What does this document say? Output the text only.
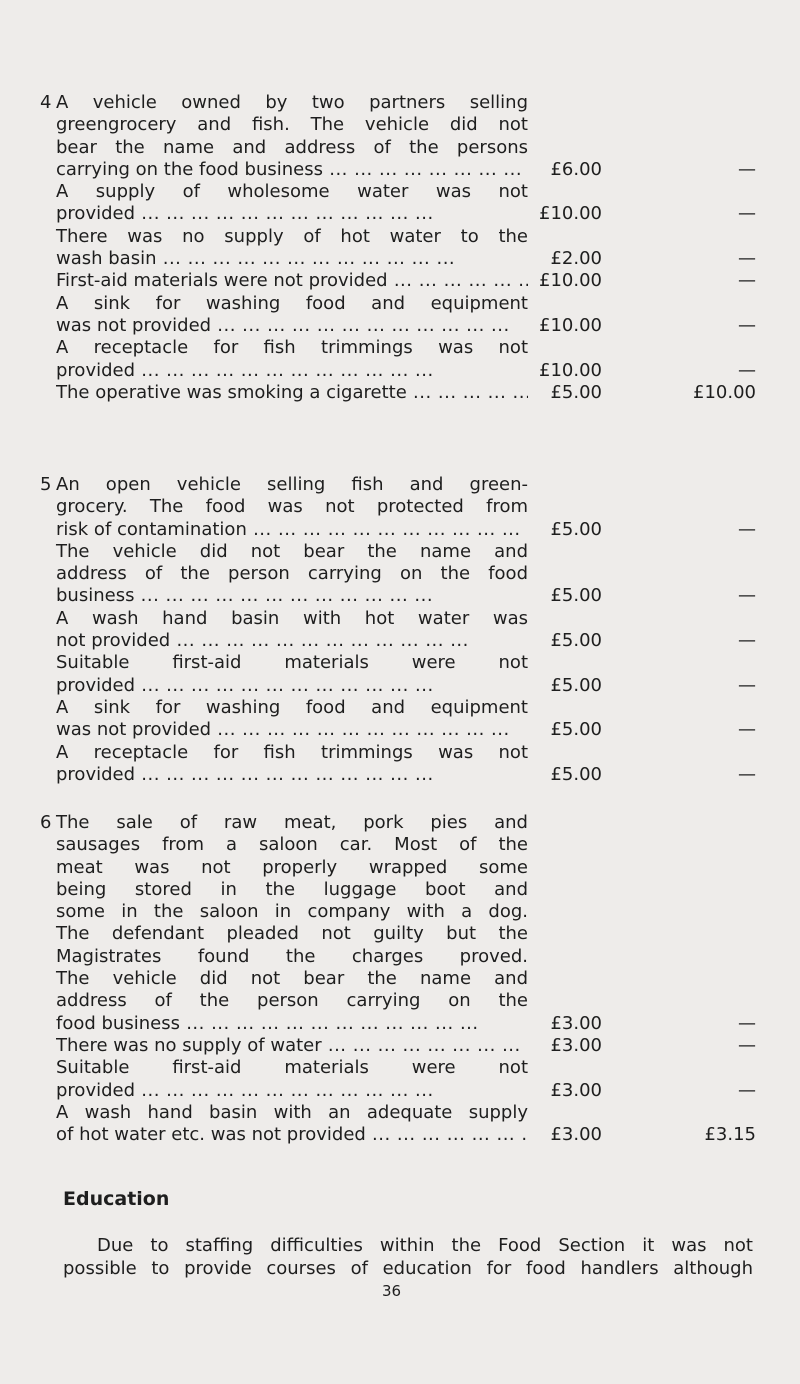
4 A vehicle owned by two partners selling
greengrocery and fish. The vehicle did not
bear the name and address of the persons
carrying on the food business ... .	£6.00	—
A supply of wholesome water was not
provided ... .	£10.00	—
There was no supply of hot water to the
wash basin ... .	£2.00	—
First-aid materials were not provided ... .	£10.00	—
A sink for washing food and equipment
was not provided ... .	£10.00	—
A receptacle for fish trimmings was not
provided ... .	£10.00	—
The operative was smoking a cigarette ... .	£5.00	£10.00
5 An open vehicle selling fish and green-
grocery. The food was not protected from
risk of contamination ... .	£5.00	—
The vehicle did not bear the name and
address of the person carrying on the food
business ... .	£5.00	—
A wash hand basin with hot water was
not provided ... .	£5.00	—
Suitable first-aid materials were not
provided ... .	£5.00	—
A sink for washing food and equipment
was not provided ... .	£5.00	—
A receptacle for fish trimmings was not
provided ... .	£5.00	—
6 The sale of raw meat, pork pies and
sausages from a saloon car. Most of the
meat was not properly wrapped some
being stored in the luggage boot and
some in the saloon in company with a dog.
The defendant pleaded not guilty but the
Magistrates found the charges proved.
The vehicle did not bear the name and
address of the person carrying on the
food business ... .	£3.00	—
There was no supply of water ... .	£3.00	—
Suitable first-aid materials were not
provided ... .	£3.00	—
A wash hand basin with an adequate supply
of hot water etc. was not provided ... .	£3.00	£3.15
Education
Due to staffing difficulties within the Food Section it was not
possible to provide courses of education for food handlers although
36
